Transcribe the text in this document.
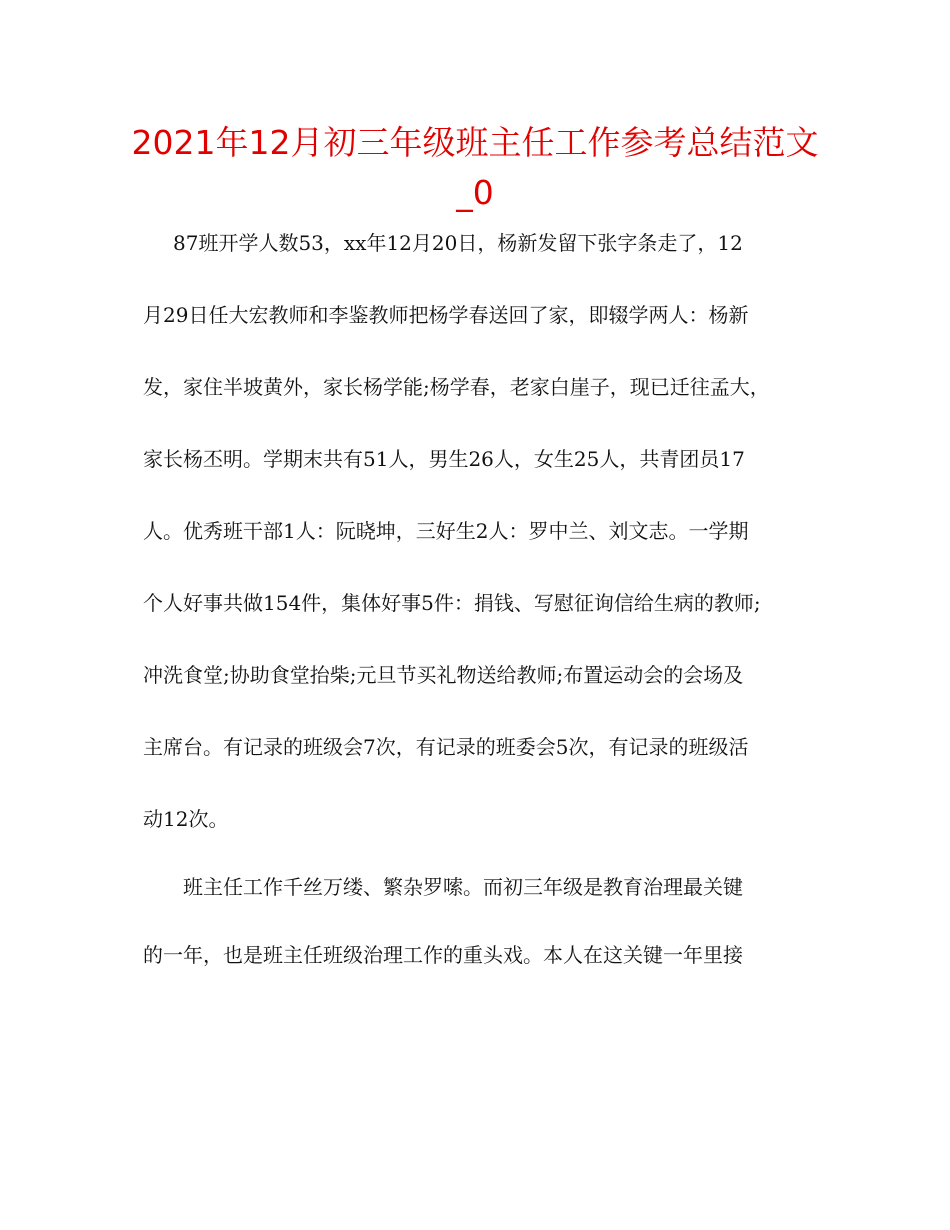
2021年12月初三年级班主任工作参考总结范文_0
87班开学人数53，xx年12月20日，杨新发留下张字条走了，12
月29日任大宏教师和李鉴教师把杨学春送回了家，即辍学两人：杨新
发，家住半坡黄外，家长杨学能;杨学春，老家白崖子，现已迁往孟大，
家长杨丕明。学期末共有51人，男生26人，女生25人，共青团员17
人。优秀班干部1人：阮晓坤，三好生2人：罗中兰、刘文志。一学期
个人好事共做154件，集体好事5件：捐钱、写慰征询信给生病的教师;
冲洗食堂;协助食堂抬柴;元旦节买礼物送给教师;布置运动会的会场及
主席台。有记录的班级会7次，有记录的班委会5次，有记录的班级活
动12次。
班主任工作千丝万缕、繁杂罗嗦。而初三年级是教育治理最关键
的一年，也是班主任班级治理工作的重头戏。本人在这关键一年里接
